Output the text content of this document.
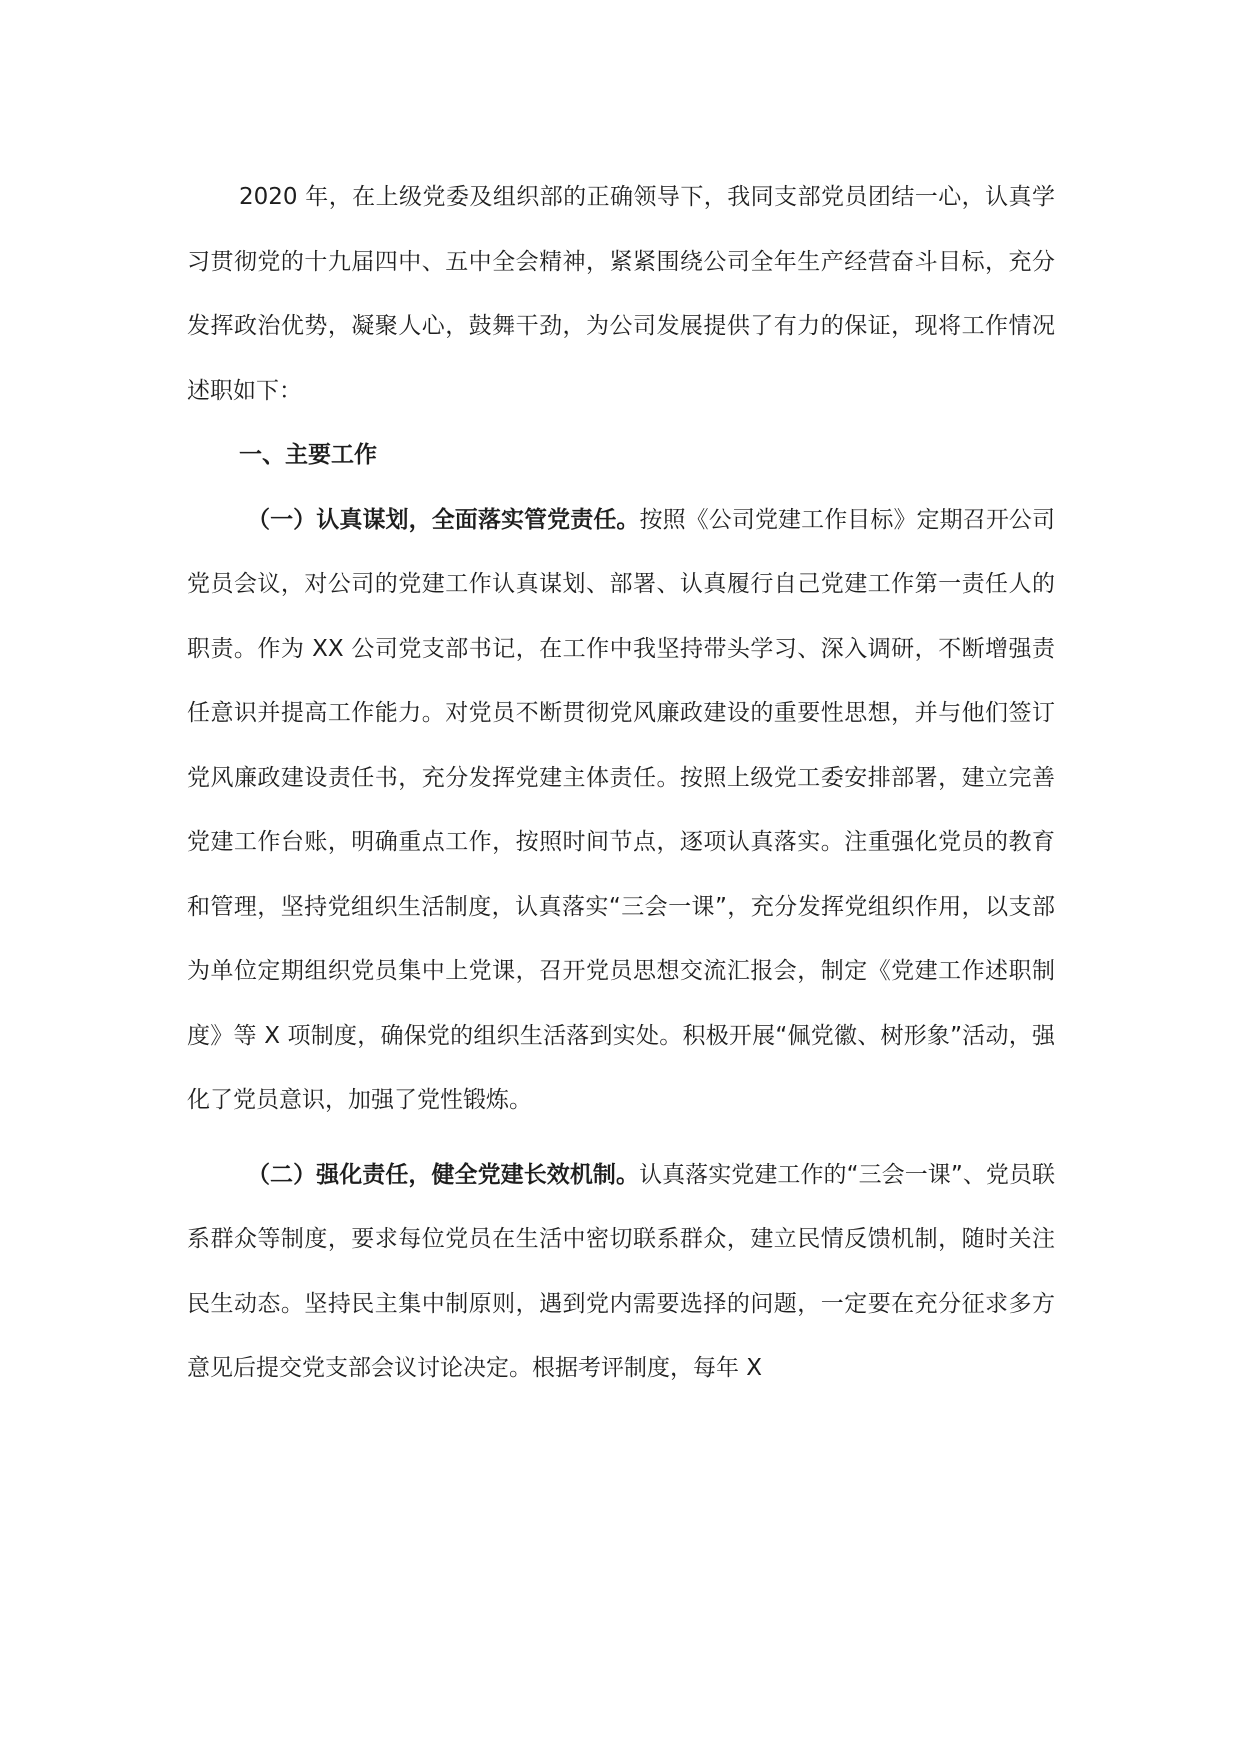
2020 年，在上级党委及组织部的正确领导下，我同支部党员团结一心，认真学习贯彻党的十九届四中、五中全会精神，紧紧围绕公司全年生产经营奋斗目标，充分发挥政治优势，凝聚人心，鼓舞干劲，为公司发展提供了有力的保证，现将工作情况述职如下：

一、主要工作

（一）认真谋划，全面落实管党责任。按照《公司党建工作目标》定期召开公司党员会议，对公司的党建工作认真谋划、部署、认真履行自己党建工作第一责任人的职责。作为 XX 公司党支部书记，在工作中我坚持带头学习、深入调研，不断增强责任意识并提高工作能力。对党员不断贯彻党风廉政建设的重要性思想，并与他们签订党风廉政建设责任书，充分发挥党建主体责任。按照上级党工委安排部署，建立完善党建工作台账，明确重点工作，按照时间节点，逐项认真落实。注重强化党员的教育和管理，坚持党组织生活制度，认真落实“三会一课”，充分发挥党组织作用，以支部为单位定期组织党员集中上党课，召开党员思想交流汇报会，制定《党建工作述职制度》等 X 项制度，确保党的组织生活落到实处。积极开展“佩党徽、树形象”活动，强化了党员意识，加强了党性锻炼。

（二）强化责任，健全党建长效机制。认真落实党建工作的“三会一课”、党员联系群众等制度，要求每位党员在生活中密切联系群众，建立民情反馈机制，随时关注民生动态。坚持民主集中制原则，遇到党内需要选择的问题，一定要在充分征求多方意见后提交党支部会议讨论决定。根据考评制度，每年 X
